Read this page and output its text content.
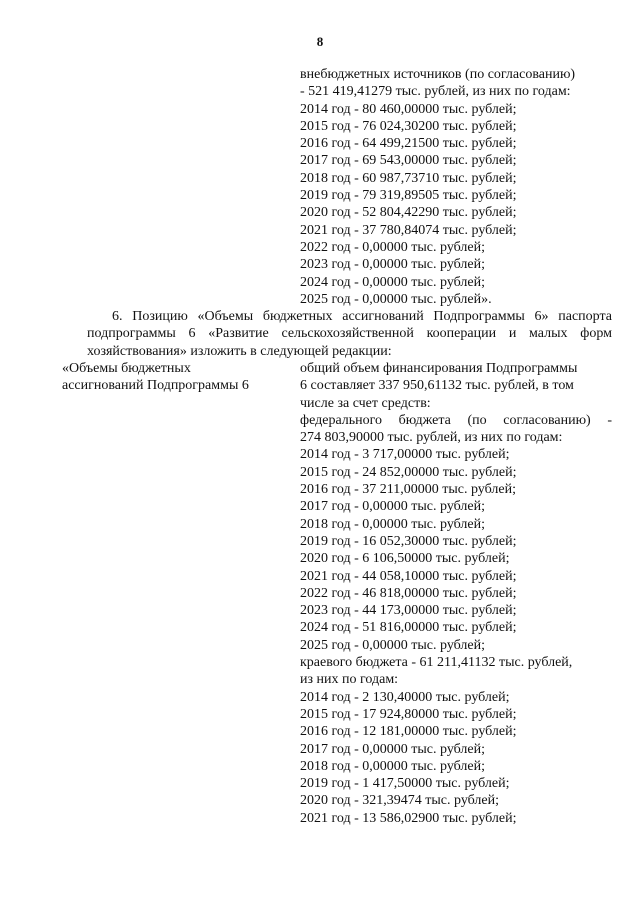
8
внебюджетных источников (по согласованию)
- 521 419,41279 тыс. рублей, из них по годам:
2014 год - 80 460,00000 тыс. рублей;
2015 год - 76 024,30200 тыс. рублей;
2016 год - 64 499,21500 тыс. рублей;
2017 год - 69 543,00000 тыс. рублей;
2018 год - 60 987,73710 тыс. рублей;
2019 год - 79 319,89505 тыс. рублей;
2020 год - 52 804,42290 тыс. рублей;
2021 год - 37 780,84074 тыс. рублей;
2022 год - 0,00000 тыс. рублей;
2023 год - 0,00000 тыс. рублей;
2024 год - 0,00000 тыс. рублей;
2025 год - 0,00000 тыс. рублей».
6. Позицию «Объемы бюджетных ассигнований Подпрограммы 6» паспорта
подпрограммы 6 «Развитие сельскохозяйственной кооперации и малых форм
хозяйствования» изложить в следующей редакции:
«Объемы бюджетных
ассигнований Подпрограммы 6
общий объем финансирования Подпрограммы
6 составляет 337 950,61132 тыс. рублей, в том
числе за счет средств:
федерального бюджета (по согласованию) -
274 803,90000 тыс. рублей, из них по годам:
2014 год - 3 717,00000 тыс. рублей;
2015 год - 24 852,00000 тыс. рублей;
2016 год - 37 211,00000 тыс. рублей;
2017 год - 0,00000 тыс. рублей;
2018 год - 0,00000 тыс. рублей;
2019 год - 16 052,30000 тыс. рублей;
2020 год - 6 106,50000 тыс. рублей;
2021 год - 44 058,10000 тыс. рублей;
2022 год - 46 818,00000 тыс. рублей;
2023 год - 44 173,00000 тыс. рублей;
2024 год - 51 816,00000 тыс. рублей;
2025 год - 0,00000 тыс. рублей;
краевого бюджета - 61 211,41132 тыс. рублей,
из них по годам:
2014 год - 2 130,40000 тыс. рублей;
2015 год - 17 924,80000 тыс. рублей;
2016 год - 12 181,00000 тыс. рублей;
2017 год - 0,00000 тыс. рублей;
2018 год - 0,00000 тыс. рублей;
2019 год - 1 417,50000 тыс. рублей;
2020 год - 321,39474 тыс. рублей;
2021 год - 13 586,02900 тыс. рублей;
